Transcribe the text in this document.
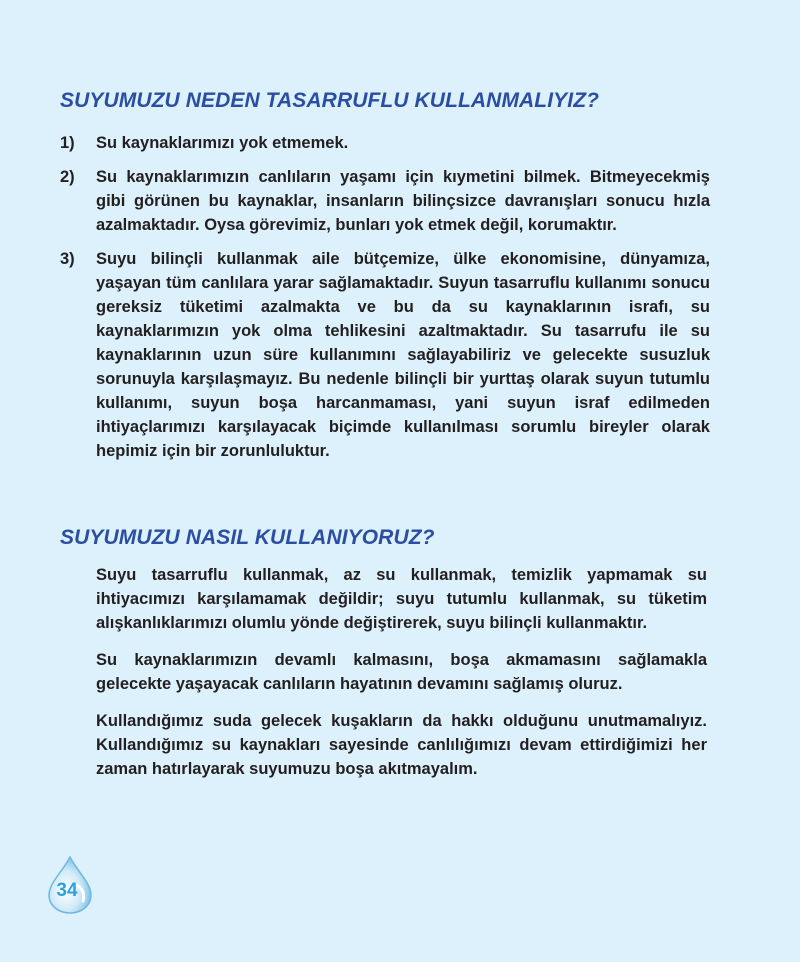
SUYUMUZU NEDEN TASARRUFLU KULLANMALIYIZ?
1) Su kaynaklarımızı yok etmemek.
2) Su kaynaklarımızın canlıların yaşamı için kıymetini bilmek. Bitmeyecekmiş gibi görünen bu kaynaklar, insanların bilinçsizce davranışları sonucu hızla azalmaktadır. Oysa görevimiz, bunları yok etmek değil, korumaktır.
3) Suyu bilinçli kullanmak aile bütçemize, ülke ekonomisine, dünyamıza, yaşayan tüm canlılara yarar sağlamaktadır. Suyun tasarruflu kullanımı sonucu gereksiz tüketimi azalmakta ve bu da su kaynaklarının israfı, su kaynaklarımızın yok olma tehlikesini azaltmaktadır. Su tasarrufu ile su kaynaklarının uzun süre kullanımını sağlayabiliriz ve gelecekte susuzluk sorunuyla karşılaşmayız. Bu nedenle bilinçli bir yurttaş olarak suyun tutumlu kullanımı, suyun boşa harcanmaması, yani suyun israf edilmeden ihtiyaçlarımızı karşılayacak biçimde kullanılması sorumlu bireyler olarak hepimiz için bir zorunluluktur.
SUYUMUZU NASIL KULLANIYORUZ?

Suyu tasarruflu kullanmak, az su kullanmak, temizlik yapmamak su ihtiyacımızı karşılamamak değildir; suyu tutumlu kullanmak, su tüketim alışkanlıklarımızı olumlu yönde değiştirerek, suyu bilinçli kullanmaktır.

Su kaynaklarımızın devamlı kalmasını, boşa akmamasını sağlamakla gelecekte yaşayacak canlıların hayatının devamını sağlamış oluruz.

Kullandığımız suda gelecek kuşakların da hakkı olduğunu unutmamalıyız. Kullandığımız su kaynakları sayesinde canlılığımızı devam ettirdiğimizi her zaman hatırlayarak suyumuzu boşa akıtmayalım.

34
